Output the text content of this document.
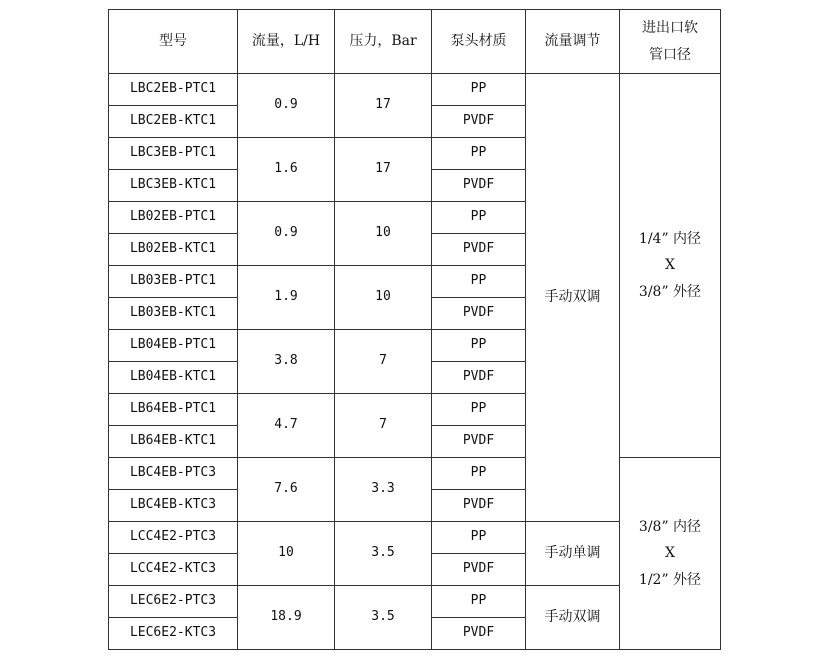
型号	流量，L/H	压力，Bar	泵头材质	流量调节	进出口软
管口径

LBC2EB-PTC1	0.9	17	PP	手动双调	1/4” 内径
X
3/8” 外径

LBC2EB-KTC1			PVDF		
LBC3EB-PTC1	1.6	17	PP		
LBC3EB-KTC1			PVDF		
LB02EB-PTC1	0.9	10	PP		
LB02EB-KTC1			PVDF		
LB03EB-PTC1	1.9	10	PP		
LB03EB-KTC1			PVDF		
LB04EB-PTC1	3.8	7	PP		
LB04EB-KTC1			PVDF		
LB64EB-PTC1	4.7	7	PP		
LB64EB-KTC1			PVDF		
LBC4EB-PTC3	7.6	3.3	PP		3/8” 内径
X
1/2” 外径

LBC4EB-KTC3			PVDF		
LCC4E2-PTC3	10	3.5	PP	手动单调	
LCC4E2-KTC3			PVDF		
LEC6E2-PTC3	18.9	3.5	PP	手动双调	
LEC6E2-KTC3			PVDF		
